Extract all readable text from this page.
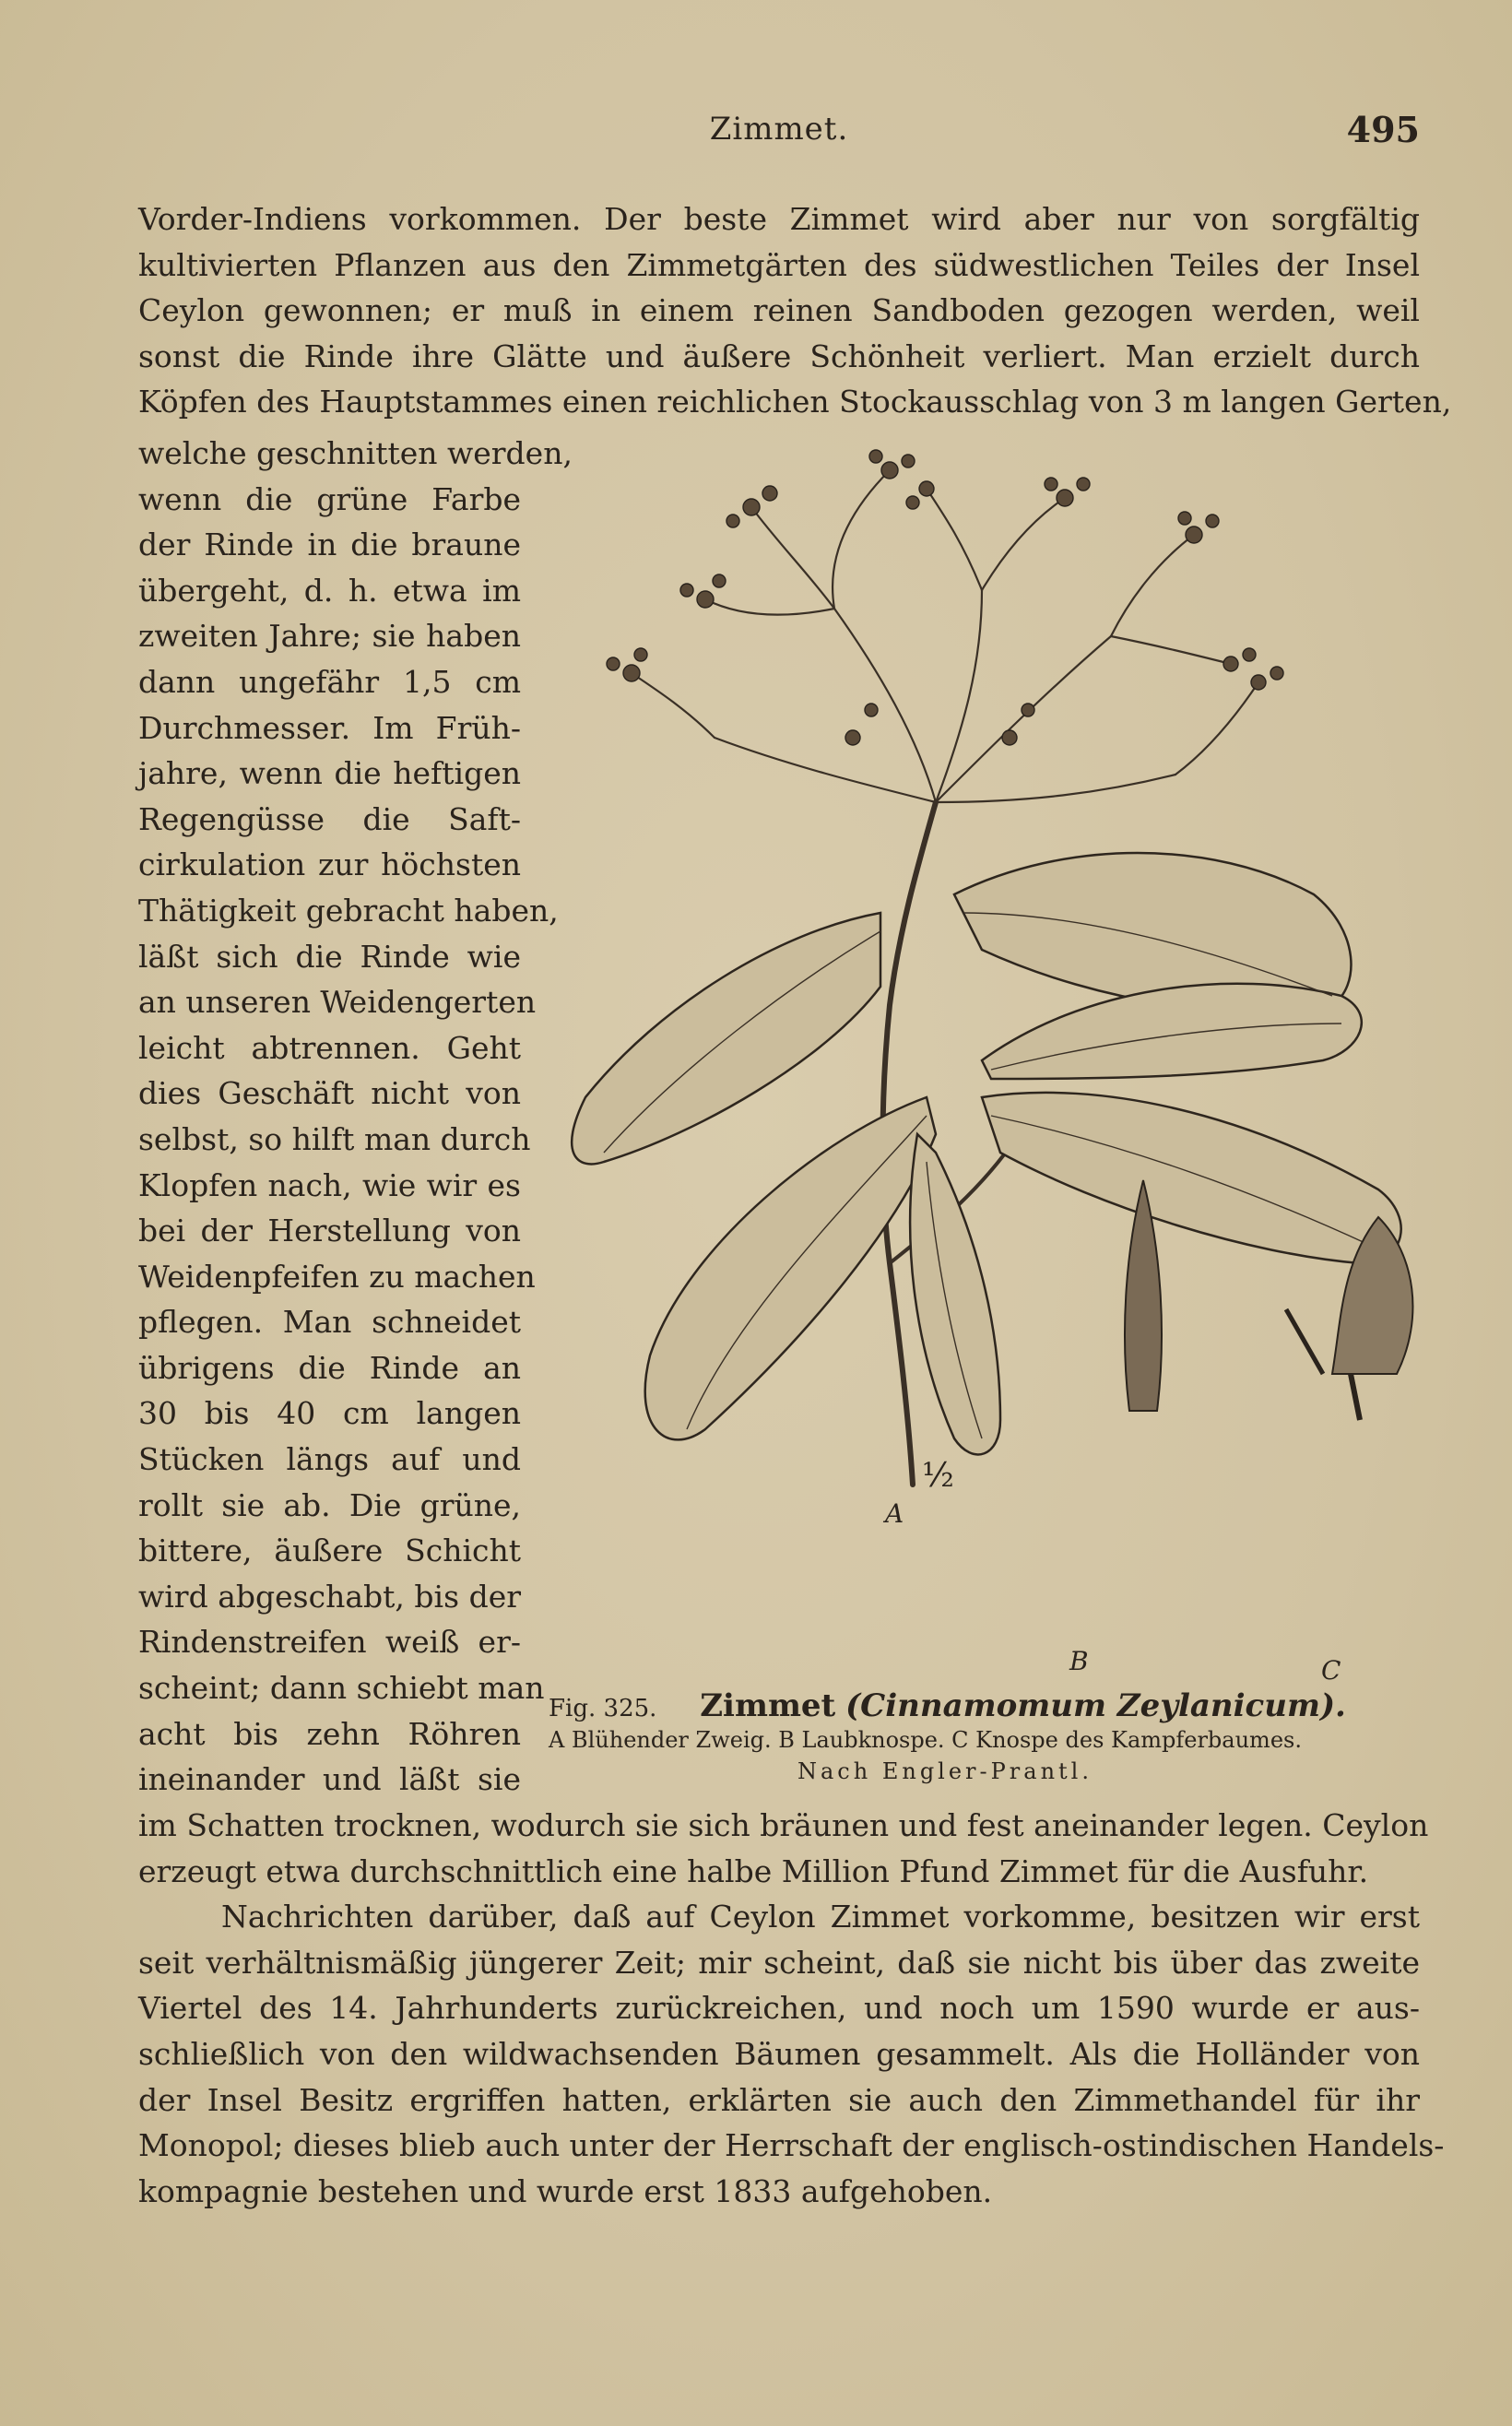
Zimmet.	495
Vorder-Indiens vorkommen. Der beste Zimmet wird aber nur von sorgfältig
kultivierten Pflanzen aus den Zimmetgärten des südwestlichen Teiles der Insel
Ceylon gewonnen; er muß in einem reinen Sandboden gezogen werden, weil
sonst die Rinde ihre Glätte und äußere Schönheit verliert. Man erzielt durch
Köpfen des Hauptstammes einen reichlichen Stockausschlag von 3 m langen Gerten,
welche geschnitten werden,
wenn die grüne Farbe
der Rinde in die braune
übergeht, d. h. etwa im
zweiten Jahre; sie haben
dann ungefähr 1,5 cm
Durchmesser. Im Früh-
jahre, wenn die heftigen
Regengüsse die Saft-
cirkulation zur höchsten
Thätigkeit gebracht haben,
läßt sich die Rinde wie
an unseren Weidengerten
leicht abtrennen. Geht
dies Geschäft nicht von
selbst, so hilft man durch
Klopfen nach, wie wir es
bei der Herstellung von
Weidenpfeifen zu machen
pflegen. Man schneidet
übrigens die Rinde an
30 bis 40 cm langen
Stücken längs auf und
rollt sie ab. Die grüne,
bittere, äußere Schicht
wird abgeschabt, bis der
Rindenstreifen weiß er-
scheint; dann schiebt man
acht bis zehn Röhren
ineinander und läßt sie
A
½
B	C
Fig. 325. Zimmet (Cinnamomum Zeylanicum).
A Blühender Zweig. B Laubknospe. C Knospe des Kampferbaumes.
Nach Engler-Prantl.
im Schatten trocknen, wodurch sie sich bräunen und fest aneinander legen. Ceylon
erzeugt etwa durchschnittlich eine halbe Million Pfund Zimmet für die Ausfuhr.
Nachrichten darüber, daß auf Ceylon Zimmet vorkomme, besitzen wir erst
seit verhältnismäßig jüngerer Zeit; mir scheint, daß sie nicht bis über das zweite
Viertel des 14. Jahrhunderts zurückreichen, und noch um 1590 wurde er aus-
schließlich von den wildwachsenden Bäumen gesammelt. Als die Holländer von
der Insel Besitz ergriffen hatten, erklärten sie auch den Zimmethandel für ihr
Monopol; dieses blieb auch unter der Herrschaft der englisch-ostindischen Handels-
kompagnie bestehen und wurde erst 1833 aufgehoben.
